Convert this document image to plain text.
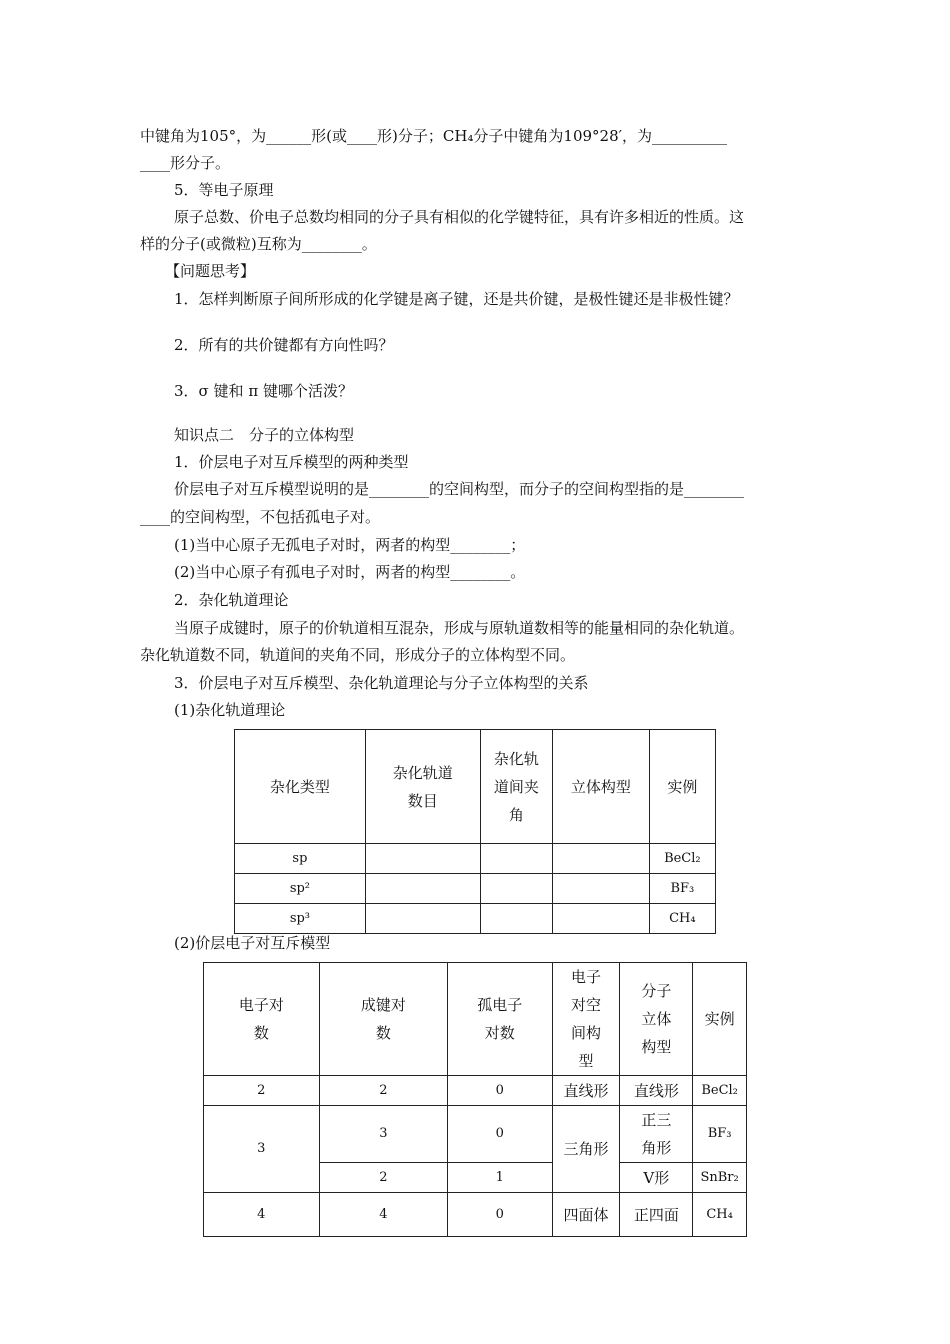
中键角为105°，为______形(或____形)分子；CH₄分子中键角为109°28′，为__________
____形分子。
5．等电子原理
原子总数、价电子总数均相同的分子具有相似的化学键特征，具有许多相近的性质。这
样的分子(或微粒)互称为________。
【问题思考】
1．怎样判断原子间所形成的化学键是离子键，还是共价键，是极性键还是非极性键？
2．所有的共价键都有方向性吗？
3．σ 键和 π 键哪个活泼？
知识点二　分子的立体构型
1．价层电子对互斥模型的两种类型
价层电子对互斥模型说明的是________的空间构型，而分子的空间构型指的是________
____的空间构型，不包括孤电子对。
(1)当中心原子无孤电子对时，两者的构型________；
(2)当中心原子有孤电子对时，两者的构型________。
2．杂化轨道理论
当原子成键时，原子的价轨道相互混杂，形成与原轨道数相等的能量相同的杂化轨道。
杂化轨道数不同，轨道间的夹角不同，形成分子的立体构型不同。
3．价层电子对互斥模型、杂化轨道理论与分子立体构型的关系
(1)杂化轨道理论
杂化类型	杂化轨道数目	杂化轨道间夹角	立体构型	实例
sp				BeCl₂
sp²				BF₃
sp³				CH₄
(2)价层电子对互斥模型
电子对数	成键对数	孤电子对数	电子对空间构型	分子立体构型	实例
2	2	0	直线形	直线形	BeCl₂
3	3	0	三角形	正三角形	BF₃
	2	1		V形	SnBr₂
4	4	0	四面体	正四面	CH₄
